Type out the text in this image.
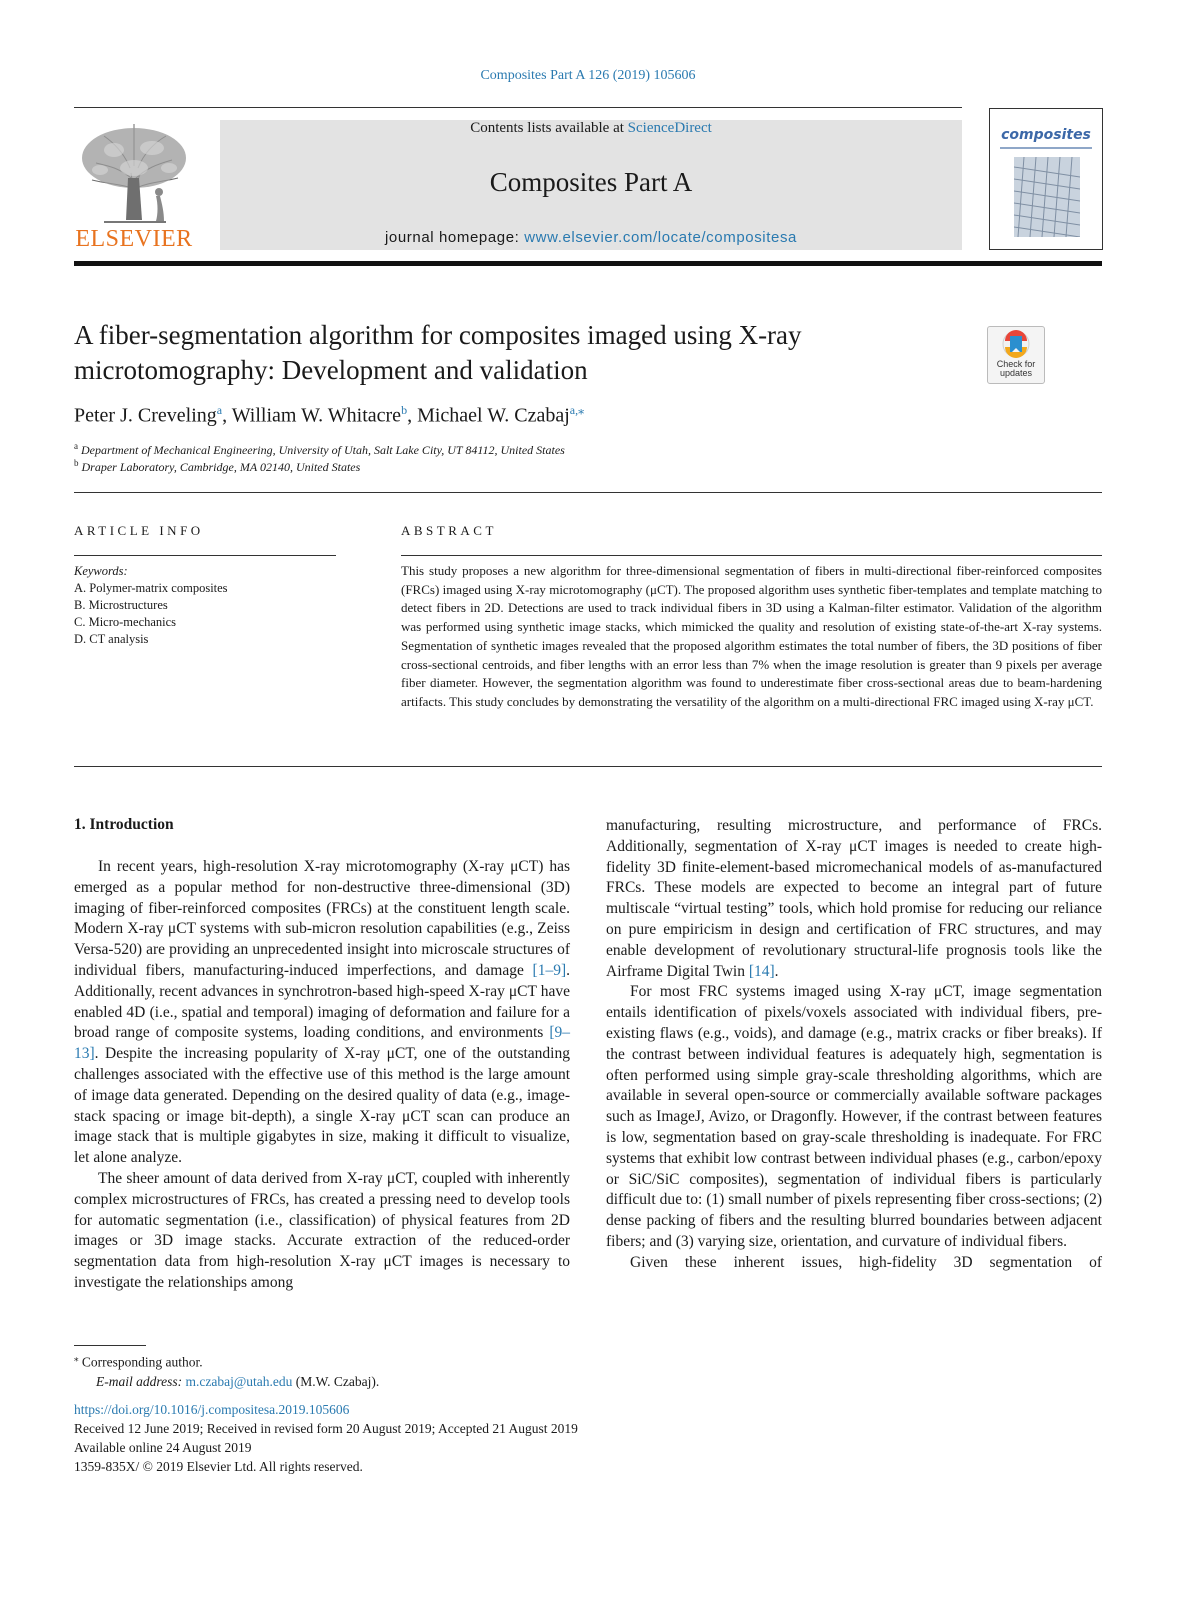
Composites Part A 126 (2019) 105606
ELSEVIER
Contents lists available at ScienceDirect
Composites Part A
journal homepage: www.elsevier.com/locate/compositesa
composites
A fiber-segmentation algorithm for composites imaged using X-ray microtomography: Development and validation	Check for
updates
Peter J. Creveling$^a$, William W. Whitacre$^b$, Michael W. Czabaj$^{a,⁎}$
$^a$ Department of Mechanical Engineering, University of Utah, Salt Lake City, UT 84112, United States
$^b$ Draper Laboratory, Cambridge, MA 02140, United States
ARTICLE INFO	ABSTRACT
Keywords:
A. Polymer-matrix composites
B. Microstructures
C. Micro-mechanics
D. CT analysis
This study proposes a new algorithm for three-dimensional segmentation of fibers in multi-directional fiber-reinforced composites (FRCs) imaged using X-ray microtomography (μCT). The proposed algorithm uses synthetic fiber-templates and template matching to detect fibers in 2D. Detections are used to track individual fibers in 3D using a Kalman-filter estimator. Validation of the algorithm was performed using synthetic image stacks, which mimicked the quality and resolution of existing state-of-the-art X-ray systems. Segmentation of synthetic images revealed that the proposed algorithm estimates the total number of fibers, the 3D positions of fiber cross-sectional centroids, and fiber lengths with an error less than 7% when the image resolution is greater than 9 pixels per average fiber diameter. However, the segmentation algorithm was found to underestimate fiber cross-sectional areas due to beam-hardening artifacts. This study concludes by demonstrating the versatility of the algorithm on a multi-directional FRC imaged using X-ray μCT.
1. Introduction

In recent years, high-resolution X-ray microtomography (X-ray μCT) has emerged as a popular method for non-destructive three-dimensional (3D) imaging of fiber-reinforced composites (FRCs) at the constituent length scale. Modern X-ray μCT systems with sub-micron resolution capabilities (e.g., Zeiss Versa-520) are providing an unprecedented insight into microscale structures of individual fibers, manufacturing-induced imperfections, and damage [1–9]. Additionally, recent advances in synchrotron-based high-speed X-ray μCT have enabled 4D (i.e., spatial and temporal) imaging of deformation and failure for a broad range of composite systems, loading conditions, and environments [9–13]. Despite the increasing popularity of X-ray μCT, one of the outstanding challenges associated with the effective use of this method is the large amount of image data generated. Depending on the desired quality of data (e.g., image-stack spacing or image bit-depth), a single X-ray μCT scan can produce an image stack that is multiple gigabytes in size, making it difficult to visualize, let alone analyze.

The sheer amount of data derived from X-ray μCT, coupled with inherently complex microstructures of FRCs, has created a pressing need to develop tools for automatic segmentation (i.e., classification) of physical features from 2D images or 3D image stacks. Accurate extraction of the reduced-order segmentation data from high-resolution X-ray μCT images is necessary to investigate the relationships among

manufacturing, resulting microstructure, and performance of FRCs. Additionally, segmentation of X-ray μCT images is needed to create high-fidelity 3D finite-element-based micromechanical models of as-manufactured FRCs. These models are expected to become an integral part of future multiscale “virtual testing” tools, which hold promise for reducing our reliance on pure empiricism in design and certification of FRC structures, and may enable development of revolutionary structural-life prognosis tools like the Airframe Digital Twin [14].

For most FRC systems imaged using X-ray μCT, image segmentation entails identification of pixels/voxels associated with individual fibers, pre-existing flaws (e.g., voids), and damage (e.g., matrix cracks or fiber breaks). If the contrast between individual features is adequately high, segmentation is often performed using simple gray-scale thresholding algorithms, which are available in several open-source or commercially available software packages such as ImageJ, Avizo, or Dragonfly. However, if the contrast between features is low, segmentation based on gray-scale thresholding is inadequate. For FRC systems that exhibit low contrast between individual phases (e.g., carbon/epoxy or SiC/SiC composites), segmentation of individual fibers is particularly difficult due to: (1) small number of pixels representing fiber cross-sections; (2) dense packing of fibers and the resulting blurred boundaries between adjacent fibers; and (3) varying size, orientation, and curvature of individual fibers.

Given these inherent issues, high-fidelity 3D segmentation of

⁎ Corresponding author.
E-mail address: m.czabaj@utah.edu (M.W. Czabaj).
https://doi.org/10.1016/j.compositesa.2019.105606
Received 12 June 2019; Received in revised form 20 August 2019; Accepted 21 August 2019
Available online 24 August 2019
1359-835X/ © 2019 Elsevier Ltd. All rights reserved.
